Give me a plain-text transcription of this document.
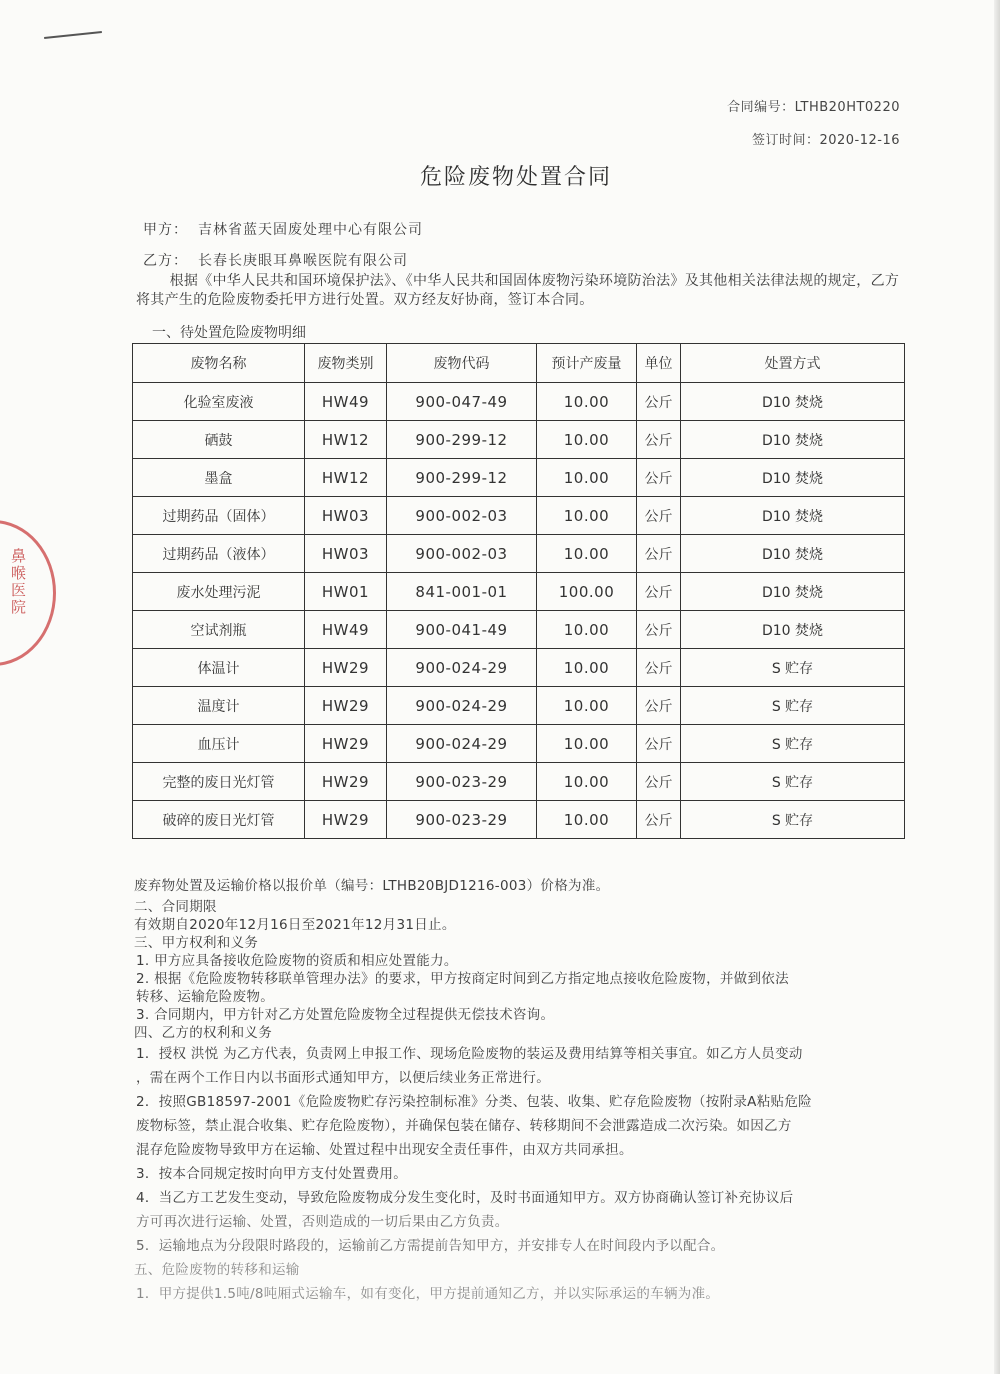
合同编号：LTHB20HT0220
签订时间：2020-12-16
危险废物处置合同
甲方： 吉林省蓝天固废处理中心有限公司
乙方： 长春长庚眼耳鼻喉医院有限公司
根据《中华人民共和国环境保护法》、《中华人民共和国固体废物污染环境防治法》及其他相关法律法规的规定，乙方将其产生的危险废物委托甲方进行处置。双方经友好协商，签订本合同。
一、待处置危险废物明细
废物名称	废物类别	废物代码	预计产废量	单位	处置方式
化验室废液	HW49	900-047-49	10.00	公斤	D10 焚烧
硒鼓	HW12	900-299-12	10.00	公斤	D10 焚烧
墨盒	HW12	900-299-12	10.00	公斤	D10 焚烧
过期药品（固体）	HW03	900-002-03	10.00	公斤	D10 焚烧
过期药品（液体）	HW03	900-002-03	10.00	公斤	D10 焚烧
废水处理污泥	HW01	841-001-01	100.00	公斤	D10 焚烧
空试剂瓶	HW49	900-041-49	10.00	公斤	D10 焚烧
体温计	HW29	900-024-29	10.00	公斤	S 贮存
温度计	HW29	900-024-29	10.00	公斤	S 贮存
血压计	HW29	900-024-29	10.00	公斤	S 贮存
完整的废日光灯管	HW29	900-023-29	10.00	公斤	S 贮存
破碎的废日光灯管	HW29	900-023-29	10.00	公斤	S 贮存
废弃物处置及运输价格以报价单（编号：LTHB20BJD1216-003）价格为准。
二、合同期限
有效期自2020年12月16日至2021年12月31日止。
三、甲方权利和义务
1. 甲方应具备接收危险废物的资质和相应处置能力。
2. 根据《危险废物转移联单管理办法》的要求，甲方按商定时间到乙方指定地点接收危险废物，并做到依法
转移、运输危险废物。
3. 合同期内，甲方针对乙方处置危险废物全过程提供无偿技术咨询。
四、乙方的权利和义务
1．授权 洪悦 为乙方代表，负责网上申报工作、现场危险废物的装运及费用结算等相关事宜。如乙方人员变动
，需在两个工作日内以书面形式通知甲方，以便后续业务正常进行。
2．按照GB18597-2001《危险废物贮存污染控制标准》分类、包装、收集、贮存危险废物（按附录A粘贴危险
废物标签，禁止混合收集、贮存危险废物），并确保包装在储存、转移期间不会泄露造成二次污染。如因乙方
混存危险废物导致甲方在运输、处置过程中出现安全责任事件，由双方共同承担。
3．按本合同规定按时向甲方支付处置费用。
4．当乙方工艺发生变动，导致危险废物成分发生变化时，及时书面通知甲方。双方协商确认签订补充协议后
方可再次进行运输、处置，否则造成的一切后果由乙方负责。
5．运输地点为分段限时路段的，运输前乙方需提前告知甲方，并安排专人在时间段内予以配合。
五、危险废物的转移和运输
1．甲方提供1.5吨/8吨厢式运输车，如有变化，甲方提前通知乙方，并以实际承运的车辆为准。
鼻喉医院
